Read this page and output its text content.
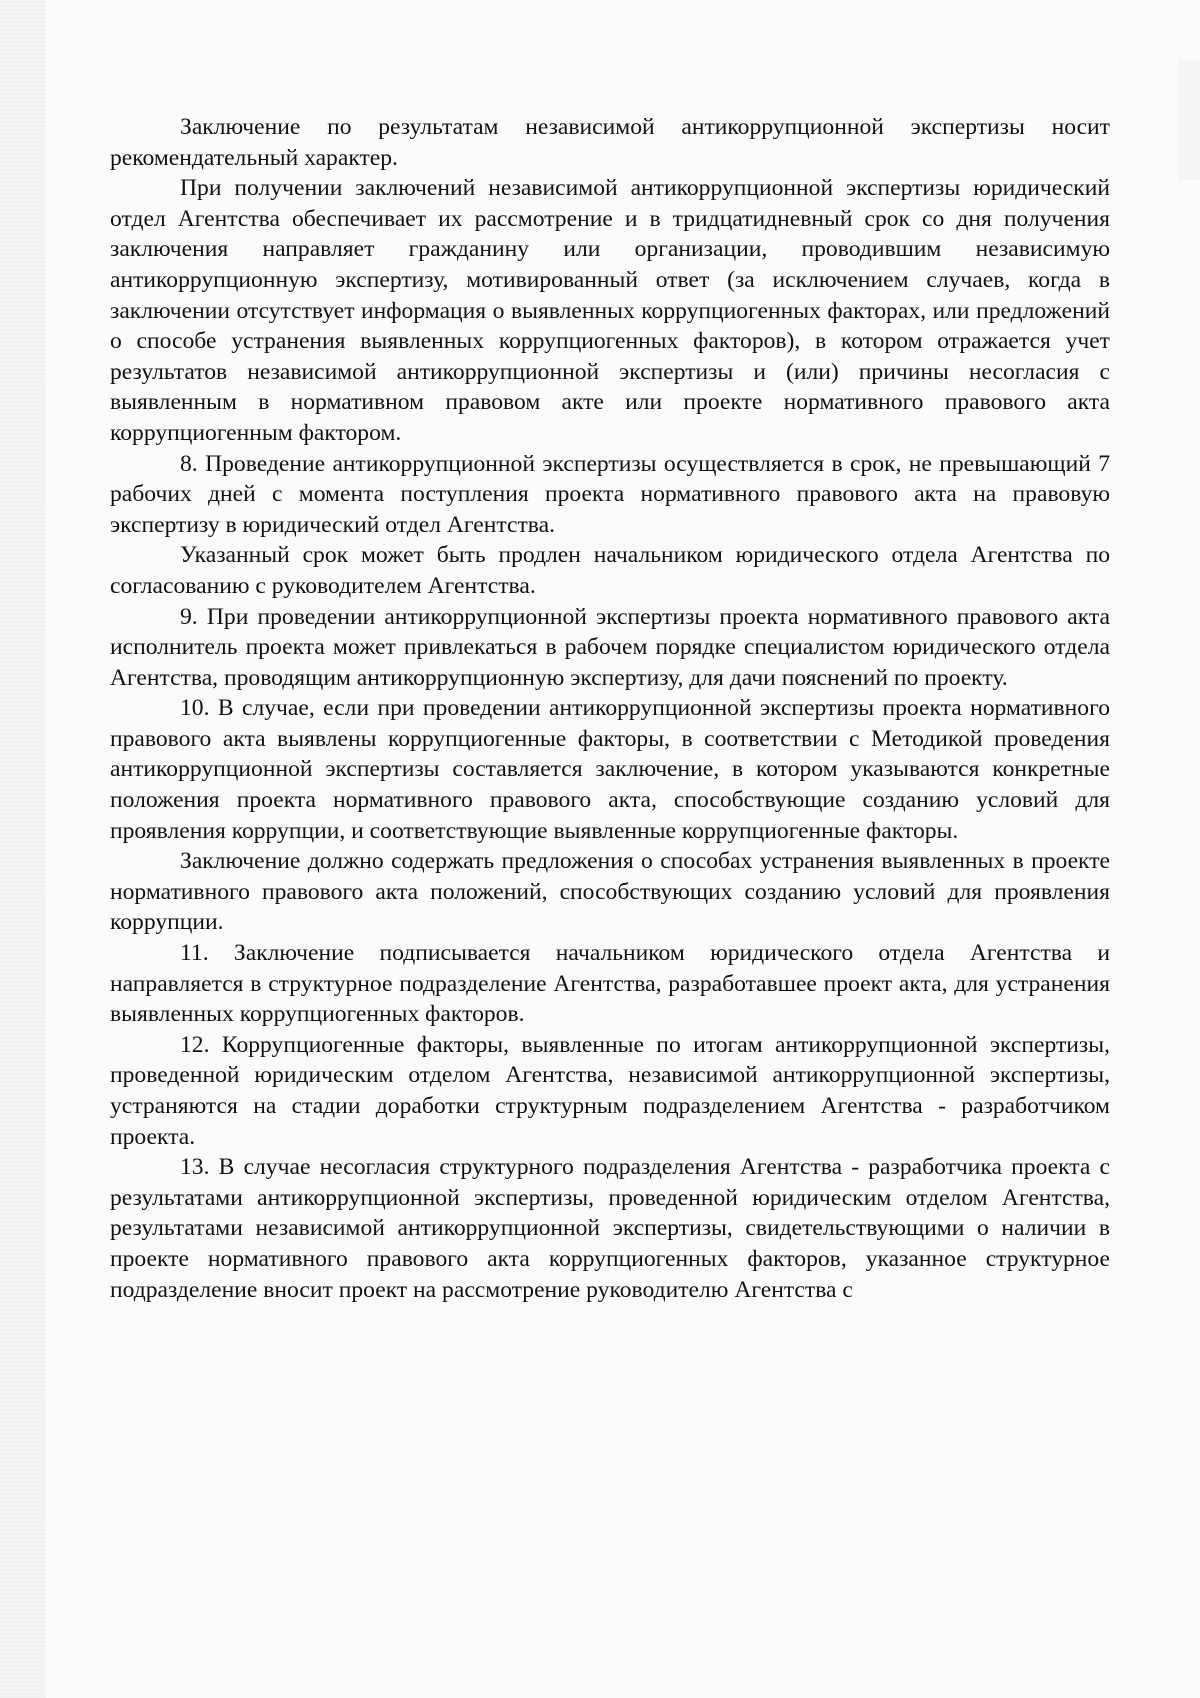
Заключение по результатам независимой антикоррупционной экспертизы носит рекомендательный характер.

При получении заключений независимой антикоррупционной экспертизы юридический отдел Агентства обеспечивает их рассмотрение и в тридцатидневный срок со дня получения заключения направляет гражданину или организации, проводившим независимую антикоррупционную экспертизу, мотивированный ответ (за исключением случаев, когда в заключении отсутствует информация о выявленных коррупциогенных факторах, или предложений о способе устранения выявленных коррупциогенных факторов), в котором отражается учет результатов независимой антикоррупционной экспертизы и (или) причины несогласия с выявленным в нормативном правовом акте или проекте нормативного правового акта коррупциогенным фактором.

8. Проведение антикоррупционной экспертизы осуществляется в срок, не превышающий 7 рабочих дней с момента поступления проекта нормативного правового акта на правовую экспертизу в юридический отдел Агентства.

Указанный срок может быть продлен начальником юридического отдела Агентства по согласованию с руководителем Агентства.

9. При проведении антикоррупционной экспертизы проекта нормативного правового акта исполнитель проекта может привлекаться в рабочем порядке специалистом юридического отдела Агентства, проводящим антикоррупционную экспертизу, для дачи пояснений по проекту.

10. В случае, если при проведении антикоррупционной экспертизы проекта нормативного правового акта выявлены коррупциогенные факторы, в соответствии с Методикой проведения антикоррупционной экспертизы составляется заключение, в котором указываются конкретные положения проекта нормативного правового акта, способствующие созданию условий для проявления коррупции, и соответствующие выявленные коррупциогенные факторы.

Заключение должно содержать предложения о способах устранения выявленных в проекте нормативного правового акта положений, способствующих созданию условий для проявления коррупции.

11. Заключение подписывается начальником юридического отдела Агентства и направляется в структурное подразделение Агентства, разработавшее проект акта, для устранения выявленных коррупциогенных факторов.

12. Коррупциогенные факторы, выявленные по итогам антикоррупционной экспертизы, проведенной юридическим отделом Агентства, независимой антикоррупционной экспертизы, устраняются на стадии доработки структурным подразделением Агентства - разработчиком проекта.

13. В случае несогласия структурного подразделения Агентства - разработчика проекта с результатами антикоррупционной экспертизы, проведенной юридическим отделом Агентства, результатами независимой антикоррупционной экспертизы, свидетельствующими о наличии в проекте нормативного правового акта коррупциогенных факторов, указанное структурное подразделение вносит проект на рассмотрение руководителю Агентства с
